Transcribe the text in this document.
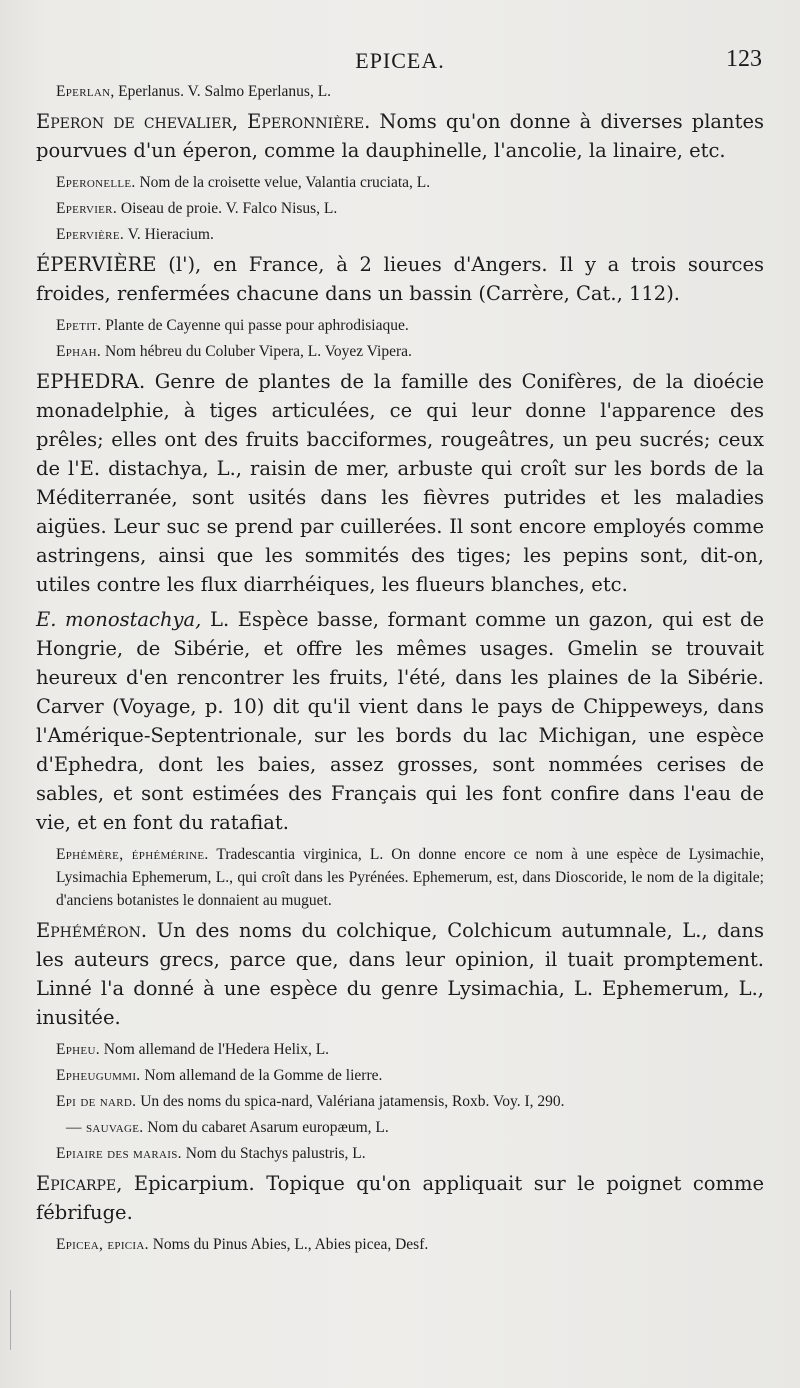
EPICEA.	123

Eperlan, Eperlanus. V. Salmo Eperlanus, L.

Eperon de chevalier, Eperonnière. Noms qu'on donne à diverses plantes pourvues d'un éperon, comme la dauphinelle, l'ancolie, la linaire, etc.

Eperonelle. Nom de la croisette velue, Valantia cruciata, L.

Epervier. Oiseau de proie. V. Falco Nisus, L.

Epervière. V. Hieracium.

ÉPERVIÈRE (l'), en France, à 2 lieues d'Angers. Il y a trois sources froides, renfermées chacune dans un bassin (Carrère, Cat., 112).

Epetit. Plante de Cayenne qui passe pour aphrodisiaque.

Ephah. Nom hébreu du Coluber Vipera, L. Voyez Vipera.

EPHEDRA. Genre de plantes de la famille des Conifères, de la dioécie monadelphie, à tiges articulées, ce qui leur donne l'apparence des prêles; elles ont des fruits bacciformes, rougeâtres, un peu sucrés; ceux de l'E. distachya, L., raisin de mer, arbuste qui croît sur les bords de la Méditerranée, sont usités dans les fièvres putrides et les maladies aigües. Leur suc se prend par cuillerées. Il sont encore employés comme astringens, ainsi que les sommités des tiges; les pepins sont, dit-on, utiles contre les flux diarrhéiques, les flueurs blanches, etc.

E. monostachya, L. Espèce basse, formant comme un gazon, qui est de Hongrie, de Sibérie, et offre les mêmes usages. Gmelin se trouvait heureux d'en rencontrer les fruits, l'été, dans les plaines de la Sibérie. Carver (Voyage, p. 10) dit qu'il vient dans le pays de Chippeweys, dans l'Amérique-Septentrionale, sur les bords du lac Michigan, une espèce d'Ephedra, dont les baies, assez grosses, sont nommées cerises de sables, et sont estimées des Français qui les font confire dans l'eau de vie, et en font du ratafiat.

Ephémère, éphémérine. Tradescantia virginica, L. On donne encore ce nom à une espèce de Lysimachie, Lysimachia Ephemerum, L., qui croît dans les Pyrénées. Ephemerum, est, dans Dioscoride, le nom de la digitale; d'anciens botanistes le donnaient au muguet.

Ephéméron. Un des noms du colchique, Colchicum autumnale, L., dans les auteurs grecs, parce que, dans leur opinion, il tuait promptement. Linné l'a donné à une espèce du genre Lysimachia, L. Ephemerum, L., inusitée.

Epheu. Nom allemand de l'Hedera Helix, L.

Epheugummi. Nom allemand de la Gomme de lierre.

Epi de nard. Un des noms du spica-nard, Valériana jatamensis, Roxb. Voy. I, 290.

— sauvage. Nom du cabaret Asarum europæum, L.

Epiaire des marais. Nom du Stachys palustris, L.

Epicarpe, Epicarpium. Topique qu'on appliquait sur le poignet comme fébrifuge.

Epicea, epicia. Noms du Pinus Abies, L., Abies picea, Desf.
